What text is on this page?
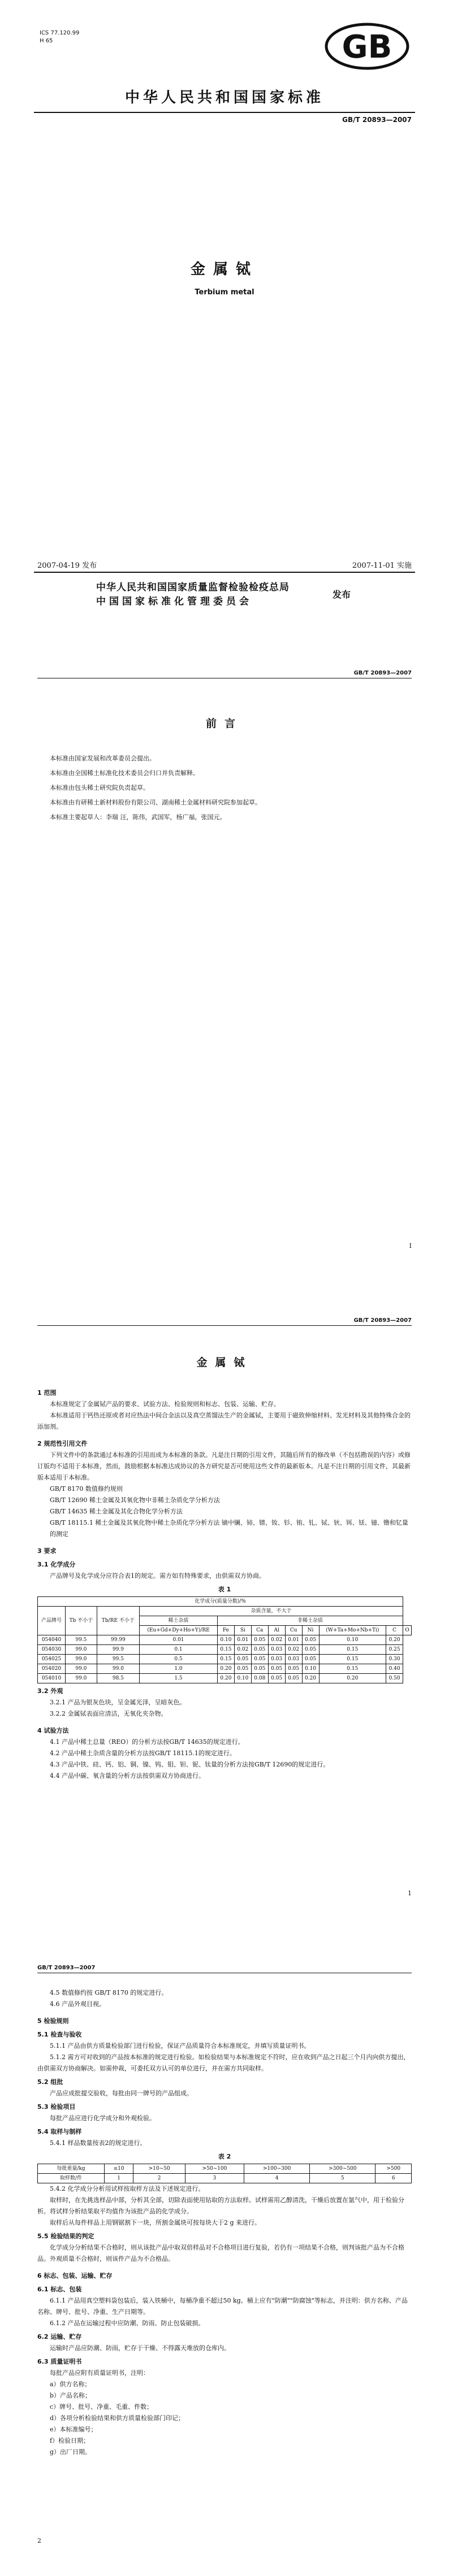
ICS 77.120.99
H 65	GB
中华人民共和国国家标准
GB/T 20893—2007
金属铽
Terbium metal
2007-04-19 发布	2007-11-01 实施
中华人民共和国国家质量监督检验检疫总局
中国国家标准化管理委员会
发布
GB/T 20893—2007
前言

本标准由国家发展和改革委员会提出。

本标准由全国稀土标准化技术委员会归口并负责解释。

本标准由包头稀土研究院负责起草。

本标准由有研稀土新材料股份有限公司、湖南稀土金属材料研究院参加起草。

本标准主要起草人：李瑞 汪，陈伟，武国军，杨广福，张国元。

I
GB/T 20893—2007
金属铽
1 范围
本标准规定了金属铽产品的要求、试验方法、检验规则和标志、包装、运输、贮存。
本标准适用于钙热还原或者对应热法中间合金法以及真空蒸馏法生产的金属铽，主要用于磁致伸缩材料、发光材料及其他特殊合金的添加剂。
2 规范性引用文件
下列文件中的条款通过本标准的引用而成为本标准的条款。凡是注日期的引用文件，其随后所有的修改单（不包括勘误的内容）或修订版均不适用于本标准，然而，鼓励根据本标准达成协议的各方研究是否可使用这些文件的最新版本。凡是不注日期的引用文件，其最新版本适用于本标准。
GB/T 8170 数值修约规则
GB/T 12690 稀土金属及其氧化物中非稀土杂质化学分析方法
GB/T 14635 稀土金属及其化合物化学分析方法
GB/T 18115.1 稀土金属及其氧化物中稀土杂质化学分析方法 镝中镧、铈、镨、钕、钐、铕、钆、铽、钬、铒、铥、镱、镥和钇量的测定
3 要求
3.1 化学成分
产品牌号及化学成分应符合表1的规定。需方如有特殊要求，由供需双方协商。
表 1
化学成分(质量分数)/%												
产品牌号	Tb 不小于	Tb/RE 不小于	杂质含量，不大于									
			稀土杂质	非稀土杂质								
			(Eu+Gd+Dy+Ho+Y)/RE	Fe	Si	Ca	Al	Cu	Ni	(W+Ta+Mo+Nb+Ti)	C	O
054040	99.5	99.99	0.01	0.10	0.01	0.05	0.02	0.01	0.05	0.10	0.20	
054030	99.0	99.9	0.1	0.15	0.02	0.05	0.03	0.02	0.05	0.15	0.25	
054025	99.0	99.5	0.5	0.15	0.05	0.05	0.03	0.03	0.05	0.15	0.30	
054020	99.0	99.0	1.0	0.20	0.05	0.05	0.05	0.05	0.10	0.15	0.40	
054010	99.0	98.5	1.5	0.20	0.10	0.08	0.05	0.05	0.20	0.20	0.50	
3.2 外观
3.2.1 产品为银灰色块，呈金属光泽，呈暗灰色。
3.2.2 金属铽表面应清洁，无氧化夹杂物。
4 试验方法
4.1 产品中稀土总量（REO）的分析方法按GB/T 14635的规定进行。
4.2 产品中稀土杂质含量的分析方法按GB/T 18115.1的规定进行。
4.3 产品中铁、硅、钙、铝、铜、镍、钨、钼、钽、铌、钛量的分析方法按GB/T 12690的规定进行。
4.4 产品中碳、氧含量的分析方法按供需双方协商进行。
1
GB/T 20893—2007
4.5 数值修约按 GB/T 8170 的规定进行。
4.6 产品外观目视。
5 检验规则
5.1 检查与验收
5.1.1 产品由供方质量检验部门进行检验，保证产品质量符合本标准规定，并填写质量证明书。
5.1.2 需方可对收到的产品按本标准的规定进行检验。如检验结果与本标准规定不符时，应在收到产品之日起三个月内向供方提出，由供需双方协商解决。如需仲裁，可委托双方认可的单位进行，并在需方共同取样。
5.2 组批
产品应成批提交验收，每批由同一牌号的产品组成。
5.3 检验项目
每批产品应进行化学成分和外观检验。
5.4 取样与制样
5.4.1 样品数量按表2的规定进行。
表 2
每批重量/kg	≤10	>10~50	>50~100	>100~300	>300~500	>500
取样数/件	1	2	3	4	5	6
5.4.2 化学成分分析用试样按取样方法及下述规定进行。
取样时，在先挑选样品中部，分析其全部，切除表面使用钻取的方法取样。试样需用乙醇清洗，干燥后放置在氩气中，用于检验分析。将试样分析结果取平均值作为该批产品的化学成分。
取样后从每件样品上用钢锯割下一块，所割金属块可按每块大于2 g 来进行。
5.5 检验结果的判定
化学成分分析结果不合格时，则从该批产品中取双倍样品对不合格项目进行复验，若仍有一项结果不合格，则判该批产品为不合格品。外观质量不合格时，则该件产品为不合格品。
6 标志、包装、运输、贮存
6.1 标志、包装
6.1.1 产品用真空塑料袋包装后，装入铁桶中，每桶净重不超过50 kg。桶上应有"防潮""防腐蚀"等标志，并注明：供方名称、产品名称、牌号、批号、净重、生产日期等。
6.1.2 产品在运输过程中应防潮、防雨、防止包装破损。
6.2 运输、贮存
运输时产品应防潮、防雨，贮存于干燥、不得露天堆放的仓库内。
6.3 质量证明书
每批产品应附有质量证明书，注明：
a）供方名称；
b）产品名称；
c）牌号、批号、净重、毛重、件数；
d）各项分析检验结果和供方质量检验部门印记；
e）本标准编号；
f）检验日期；
g）出厂日期。
2
